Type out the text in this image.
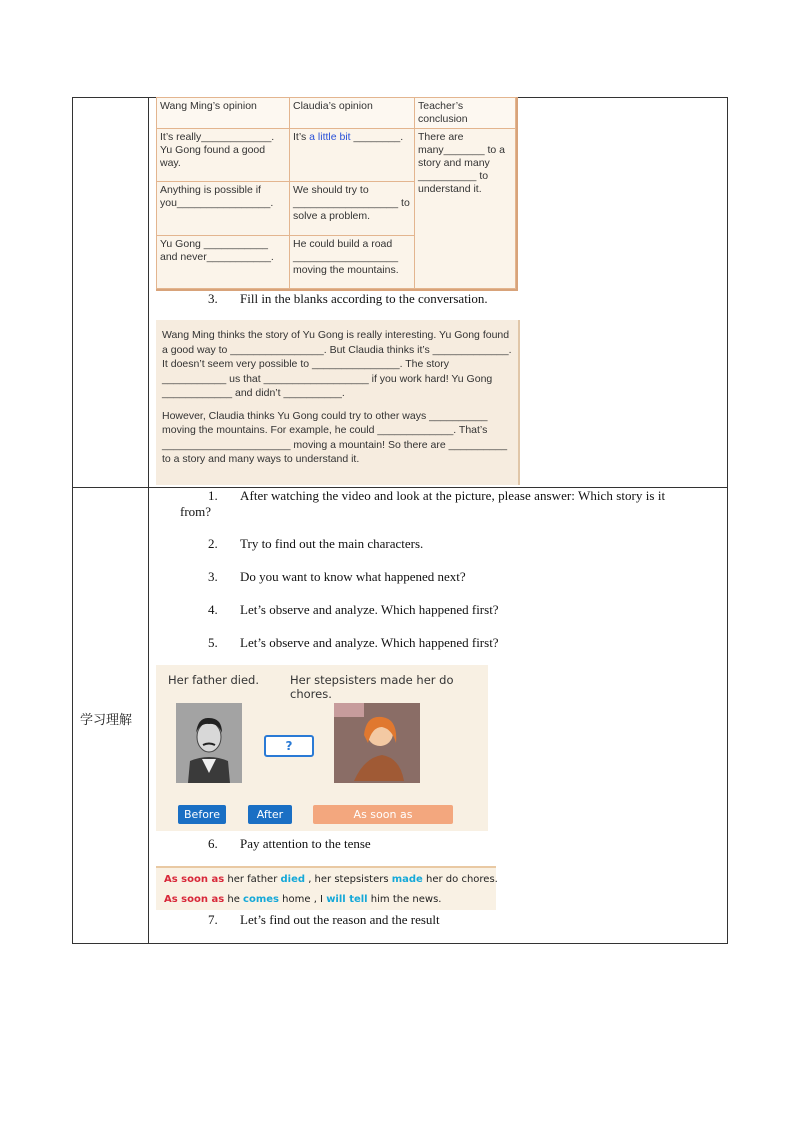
Wang Ming’s opinion	Claudia’s opinion	Teacher’s conclusion
It’s really____________. Yu Gong found a good way.	It’s a little bit ________.	There are many_______ to a story and many __________ to understand it.
Anything is possible if you________________.	We should try to __________________ to solve a problem.	
Yu Gong ___________ and never___________.	He could build a road __________________ moving the mountains.	
3. Fill in the blanks according to the conversation.

Wang Ming thinks the story of Yu Gong is really interesting. Yu Gong found a good way to ________________. But Claudia thinks it’s _____________. It doesn’t seem very possible to _______________. The story ___________ us that __________________ if you work hard! Yu Gong ____________ and didn’t __________.

However, Claudia thinks Yu Gong could try to other ways __________ moving the mountains. For example, he could _____________. That’s ______________________ moving a mountain! So there are __________ to a story and many ways to understand it.

学习理解
1. After watching the video and look at the picture, please answer: Which story is it
from?
2. Try to find out the main characters.
3. Do you want to know what happened next?
4. Let’s observe and analyze. Which happened first?
5. Let’s observe and analyze. Which happened first?
Her father died.	Her stepsisters made her do chores.
?
Before	After	As soon as
6. Pay attention to the tense
As soon as her father died , her stepsisters made her do chores.
As soon as he comes home , I will tell him the news.
7. Let’s find out the reason and the result
